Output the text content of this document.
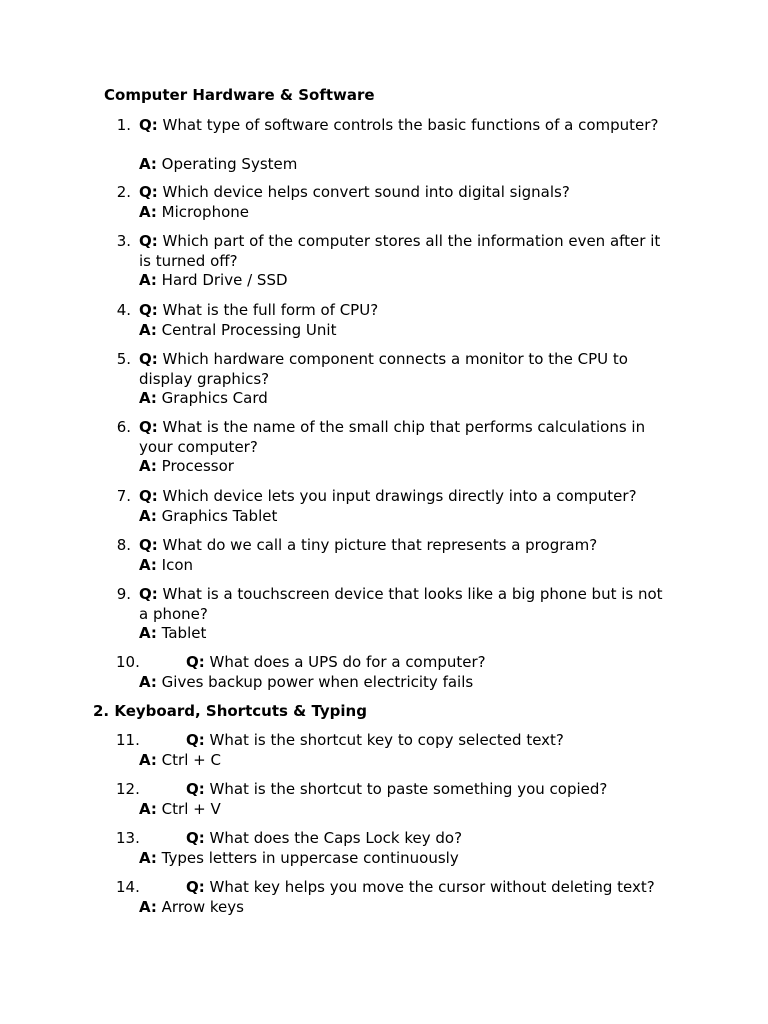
Computer Hardware & Software
1. Q: What type of software controls the basic functions of a computer?
A: Operating System
2. Q: Which device helps convert sound into digital signals?
A: Microphone
3. Q: Which part of the computer stores all the information even after it is turned off?
A: Hard Drive / SSD
4. Q: What is the full form of CPU?
A: Central Processing Unit
5. Q: Which hardware component connects a monitor to the CPU to display graphics?
A: Graphics Card
6. Q: What is the name of the small chip that performs calculations in your computer?
A: Processor
7. Q: Which device lets you input drawings directly into a computer?
A: Graphics Tablet
8. Q: What do we call a tiny picture that represents a program?
A: Icon
9. Q: What is a touchscreen device that looks like a big phone but is not a phone?
A: Tablet
10.	Q: What does a UPS do for a computer?
A: Gives backup power when electricity fails
2. Keyboard, Shortcuts & Typing
11.	Q: What is the shortcut key to copy selected text?
A: Ctrl + C
12.	Q: What is the shortcut to paste something you copied?
A: Ctrl + V
13.	Q: What does the Caps Lock key do?
A: Types letters in uppercase continuously
14.	Q: What key helps you move the cursor without deleting text?
A: Arrow keys
